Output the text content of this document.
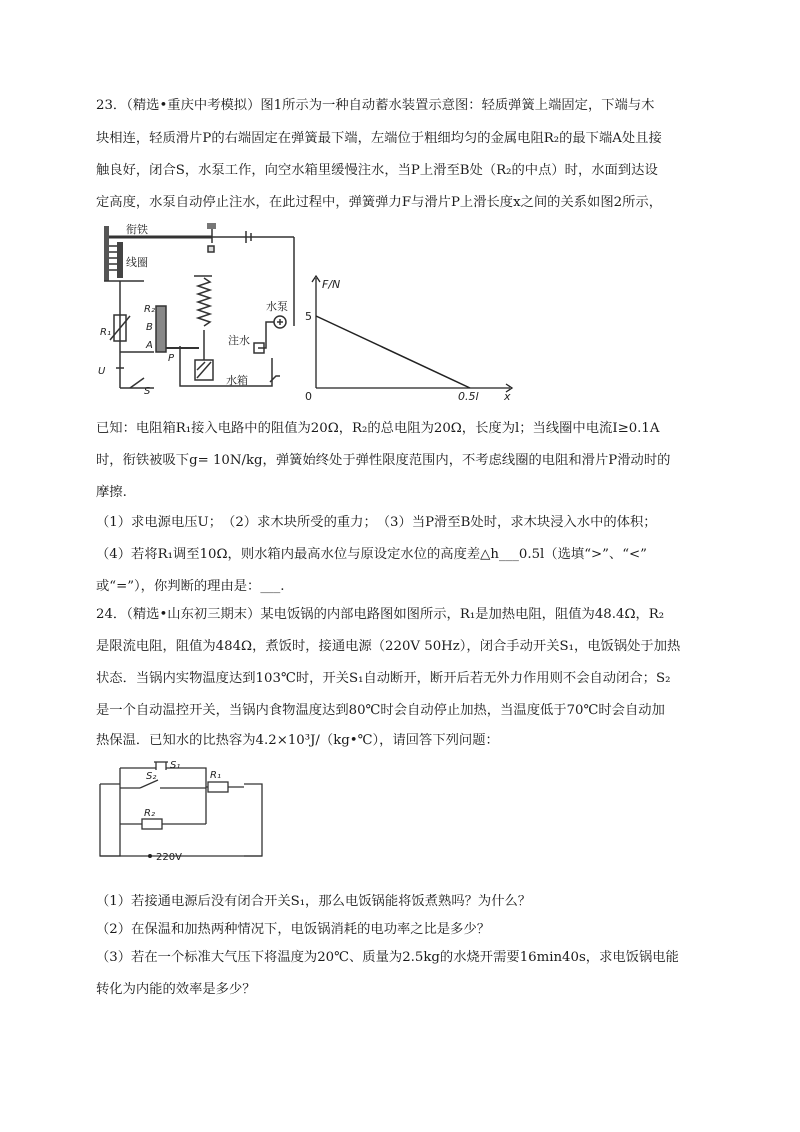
23．（精选•重庆中考模拟）图1所示为一种自动蓄水装置示意图：轻质弹簧上端固定，下端与木
块相连，轻质滑片P的右端固定在弹簧最下端，左端位于粗细均匀的金属电阻R₂的最下端A处且接
触良好，闭合S，水泵工作，向空水箱里缓慢注水，当P上滑至B处（R₂的中点）时，水面到达设
定高度，水泵自动停止注水，在此过程中，弹簧弹力F与滑片P上滑长度x之间的关系如图2所示，
衔铁
线圈
水泵
注水
水箱
R₂
R₁	B
A
P
U
S
F/N
x
0
5
0.5l
已知：电阻箱R₁接入电路中的阻值为20Ω，R₂的总电阻为20Ω，长度为l；当线圈中电流I≥0.1A
时，衔铁被吸下g= 10N/kg，弹簧始终处于弹性限度范围内，不考虑线圈的电阻和滑片P滑动时的
摩擦.
（1）求电源电压U；　（2）求木块所受的重力；　（3）当P滑至B处时，求木块浸入水中的体积；
（4）若将R₁调至10Ω，则水箱内最高水位与原设定水位的高度差△h___0.5l（选填“>”、“<”
或“=”），你判断的理由是：___.
24．（精选•山东初三期末）某电饭锅的内部电路图如图所示，R₁是加热电阻，阻值为48.4Ω，R₂
是限流电阻，阻值为484Ω，煮饭时，接通电源（220V 50Hz），闭合手动开关S₁，电饭锅处于加热
状态．当锅内实物温度达到103℃时，开关S₁自动断开，断开后若无外力作用则不会自动闭合；S₂
是一个自动温控开关，当锅内食物温度达到80℃时会自动停止加热，当温度低于70℃时会自动加
热保温．已知水的比热容为4.2×10³J/（kg•℃），请回答下列问题：
S₁
S₂	R₁
R₂
220V
（1）若接通电源后没有闭合开关S₁，那么电饭锅能将饭煮熟吗？为什么？
（2）在保温和加热两种情况下，电饭锅消耗的电功率之比是多少？
（3）若在一个标准大气压下将温度为20℃、质量为2.5kg的水烧开需要16min40s，求电饭锅电能
转化为内能的效率是多少？
